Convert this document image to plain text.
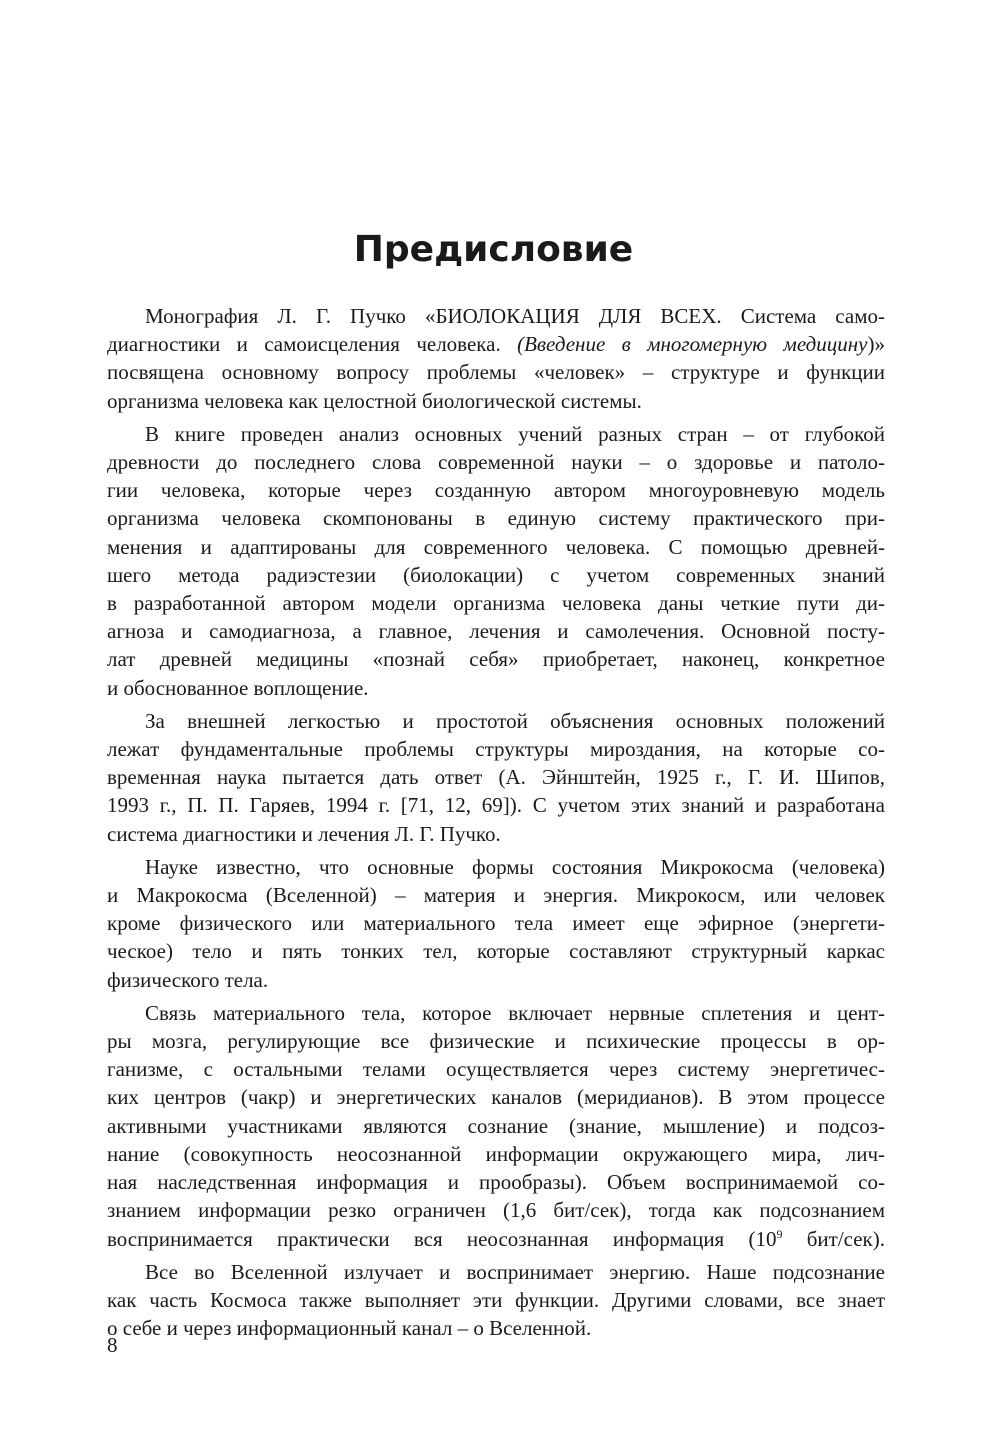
Предисловие

Монография Л. Г. Пучко «БИОЛОКАЦИЯ ДЛЯ ВСЕХ. Система само-
диагностики и самоисцеления человека. (Введение в многомерную медицину)»
посвящена основному вопросу проблемы «человек» – структуре и функции
организма человека как целостной биологической системы.

В книге проведен анализ основных учений разных стран – от глубокой
древности до последнего слова современной науки – о здоровье и патоло-
гии человека, которые через созданную автором многоуровневую модель
организма человека скомпонованы в единую систему практического при-
менения и адаптированы для современного человека. С помощью древней-
шего метода радиэстезии (биолокации) с учетом современных знаний
в разработанной автором модели организма человека даны четкие пути ди-
агноза и самодиагноза, а главное, лечения и самолечения. Основной посту-
лат древней медицины «познай себя» приобретает, наконец, конкретное
и обоснованное воплощение.

За внешней легкостью и простотой объяснения основных положений
лежат фундаментальные проблемы структуры мироздания, на которые со-
временная наука пытается дать ответ (А. Эйнштейн, 1925 г., Г. И. Шипов,
1993 г., П. П. Гаряев, 1994 г. [71, 12, 69]). С учетом этих знаний и разработана
система диагностики и лечения Л. Г. Пучко.

Науке известно, что основные формы состояния Микрокосма (человека)
и Макрокосма (Вселенной) – материя и энергия. Микрокосм, или человек
кроме физического или материального тела имеет еще эфирное (энергети-
ческое) тело и пять тонких тел, которые составляют структурный каркас
физического тела.

Связь материального тела, которое включает нервные сплетения и цент-
ры мозга, регулирующие все физические и психические процессы в ор-
ганизме, с остальными телами осуществляется через систему энергетичес-
ких центров (чакр) и энергетических каналов (меридианов). В этом процессе
активными участниками являются сознание (знание, мышление) и подсоз-
нание (совокупность неосознанной информации окружающего мира, лич-
ная наследственная информация и прообразы). Объем воспринимаемой со-
знанием информации резко ограничен (1,6 бит/сек), тогда как подсознанием
воспринимается практически вся неосознанная информация ($10^9$ бит/сек).

Все во Вселенной излучает и воспринимает энергию. Наше подсознание
как часть Космоса также выполняет эти функции. Другими словами, все знает
о себе и через информационный канал – о Вселенной.

8
